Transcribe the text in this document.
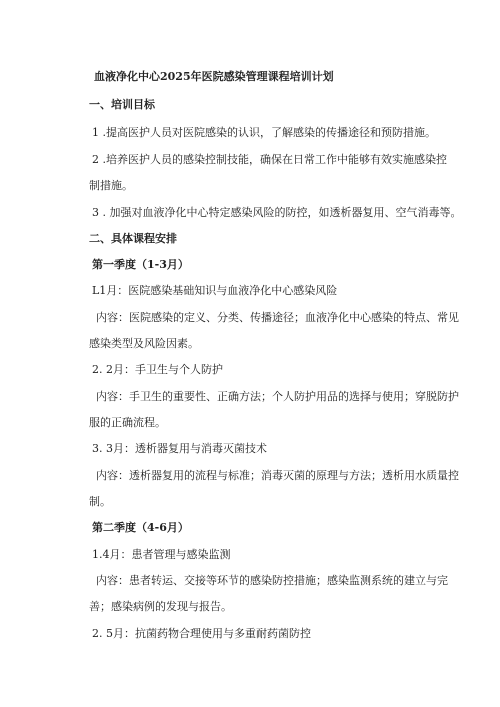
血液净化中心2025年医院感染管理课程培训计划
一、培训目标
1 .提高医护人员对医院感染的认识，了解感染的传播途径和预防措施。
2 .培养医护人员的感染控制技能，确保在日常工作中能够有效实施感染控
制措施。
3 . 加强对血液净化中心特定感染风险的防控，如透析器复用、空气消毒等。
二、具体课程安排
第一季度（1-3月）
L1月：医院感染基础知识与血液净化中心感染风险
内容：医院感染的定义、分类、传播途径；血液净化中心感染的特点、常见
感染类型及风险因素。
2. 2月：手卫生与个人防护
内容：手卫生的重要性、正确方法；个人防护用品的选择与使用；穿脱防护
服的正确流程。
3. 3月：透析器复用与消毒灭菌技术
内容：透析器复用的流程与标准；消毒灭菌的原理与方法；透析用水质量控
制。
第二季度（4-6月）
1.4月：患者管理与感染监测
内容：患者转运、交接等环节的感染防控措施；感染监测系统的建立与完
善；感染病例的发现与报告。
2. 5月：抗菌药物合理使用与多重耐药菌防控
